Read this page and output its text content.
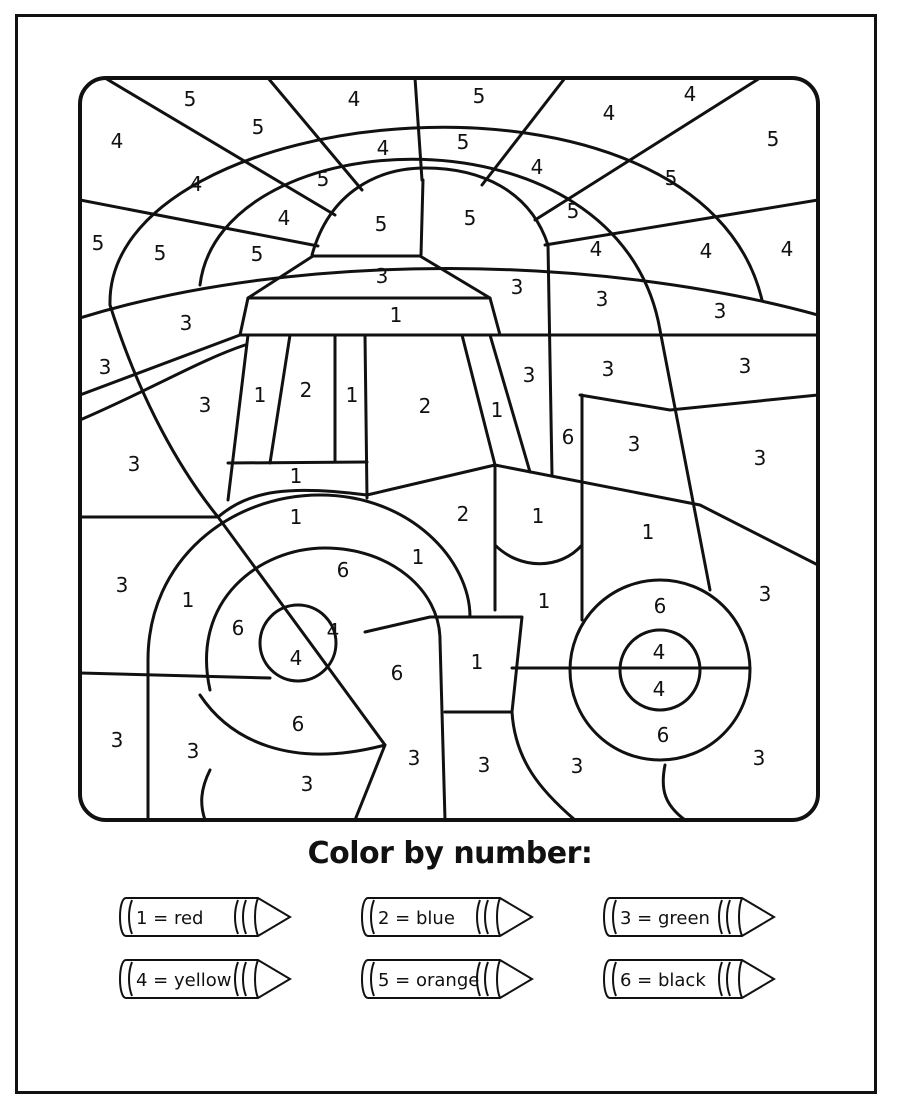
5	4	5
4
4
4
5
4	5	5
4	5	4	5
5 5
4
5
5	5	5
4	4	4
3	3	3	3
3	1
3	3	3	3
3 1 2 1	2	1
6	3
3
3	1
1	2	1
1
6
1
3
1	1	6	3
6	4
4	4
4
1
6
6	6
3	3	3	3	3	3
3
Color by number:
1 = red	2 = blue	3 = green
4 = yellow	5 = orange	6 = black
